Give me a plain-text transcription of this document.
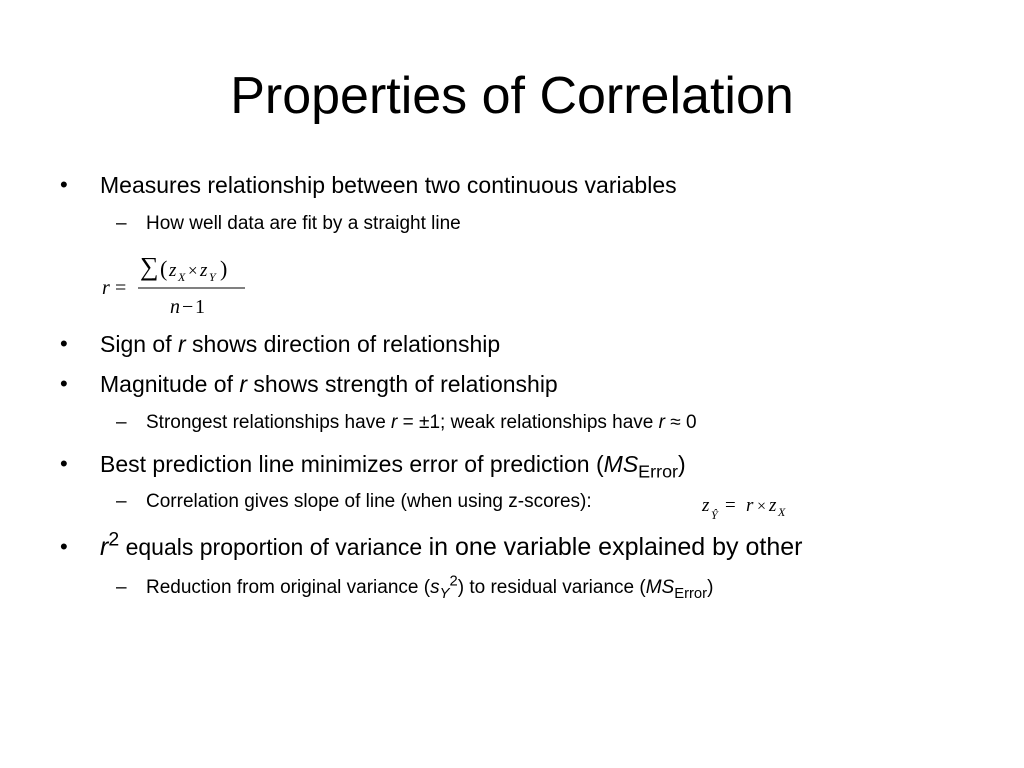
Properties of Correlation
• Measures relationship between two continuous variables
– How well data are fit by a straight line
r =
∑ ( z X × z Y )
n − 1
• Sign of r shows direction of relationship
• Magnitude of r shows strength of relationship
– Strongest relationships have r = ±1; weak relationships have r ≈ 0
• Best prediction line minimizes error of prediction $(MS_{Error})$
– Correlation gives slope of line (when using z-scores):	z Ŷ = r × z X
• $r^2$ equals proportion of variance in one variable explained by other
– Reduction from original variance $(s_Y^2)$ to residual variance $(MS_{Error})$
